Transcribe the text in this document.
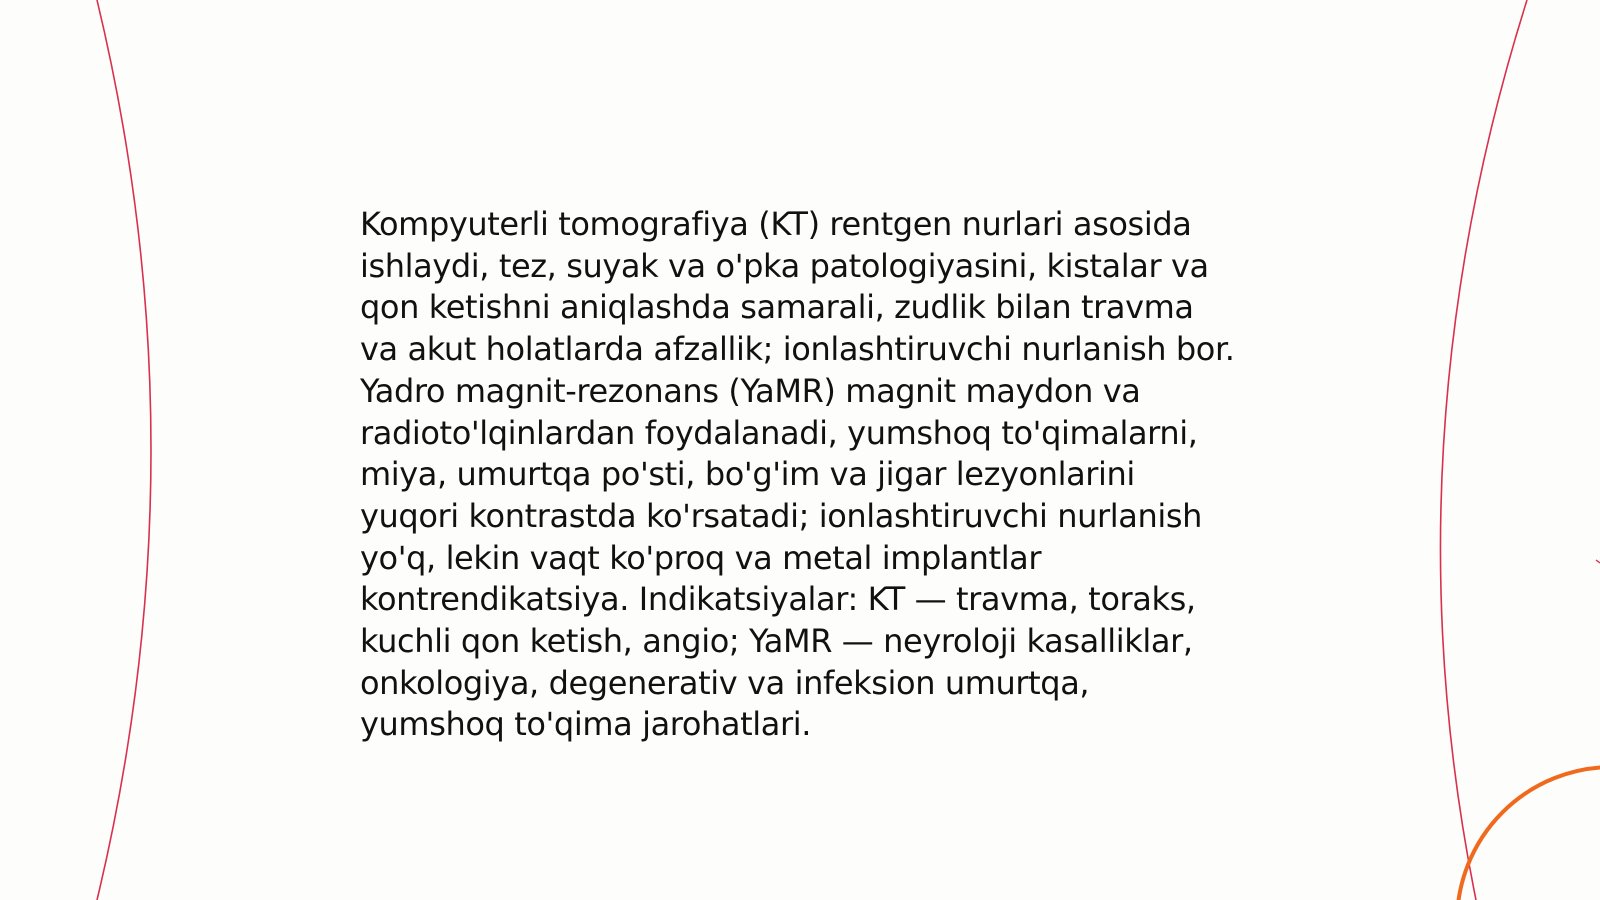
Kompyuterli tomografiya (KT) rentgen nurlari asosida ishlaydi, tez, suyak va o'pka patologiyasini, kistalar va qon ketishni aniqlashda samarali, zudlik bilan travma va akut holatlarda afzallik; ionlashtiruvchi nurlanish bor. Yadro magnit-rezonans (YaMR) magnit maydon va radioto'lqinlardan foydalanadi, yumshoq to'qimalarni, miya, umurtqa po'sti, bo'g'im va jigar lezyonlarini yuqori kontrastda ko'rsatadi; ionlashtiruvchi nurlanish yo'q, lekin vaqt ko'proq va metal implantlar kontrendikatsiya. Indikatsiyalar: KT — travma, toraks, kuchli qon ketish, angio; YaMR — neyroloji kasalliklar, onkologiya, degenerativ va infeksion umurtqa, yumshoq to'qima jarohatlari.
